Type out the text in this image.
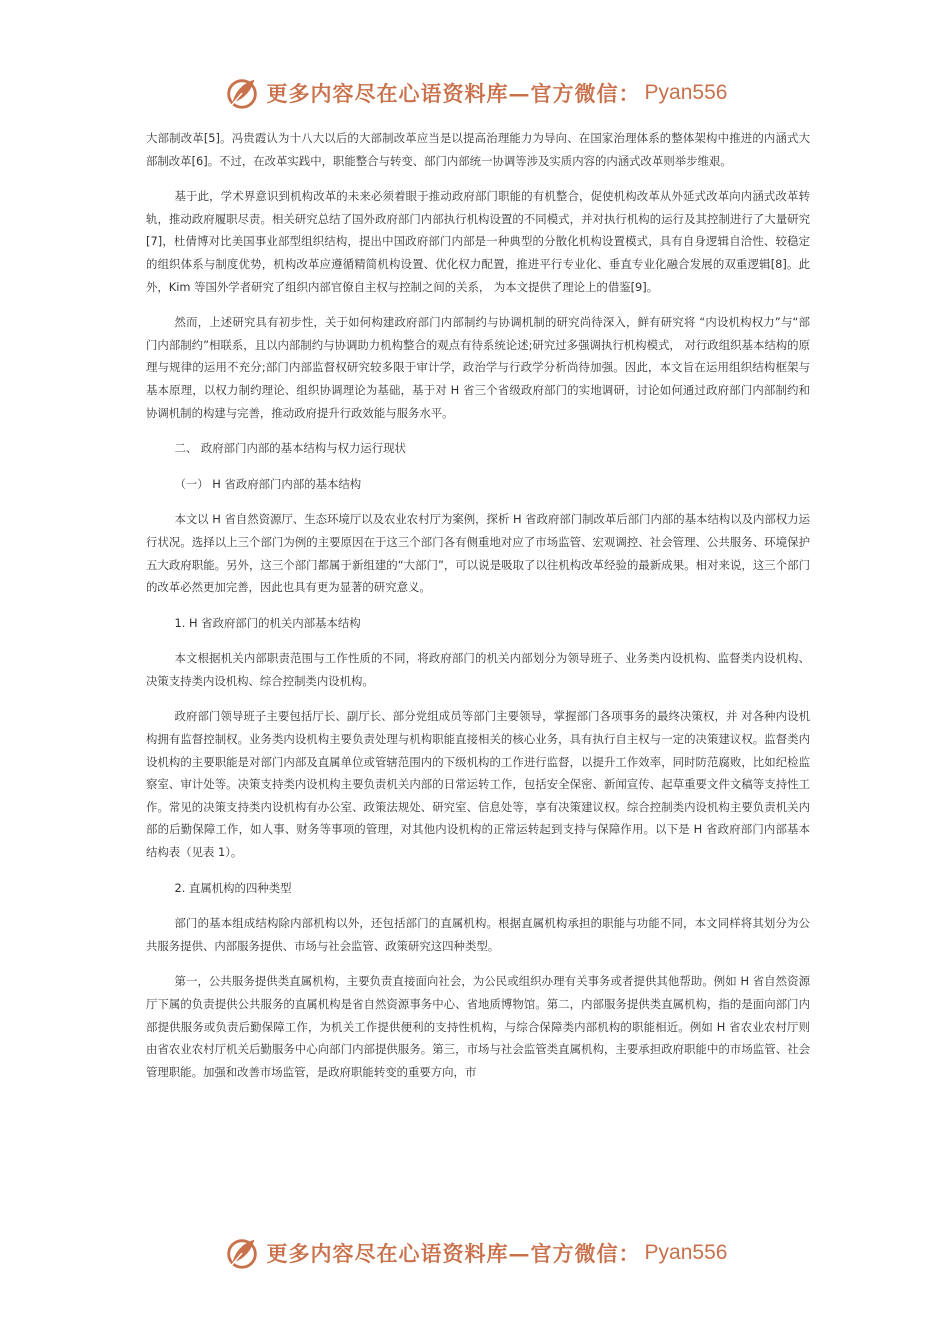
更多内容尽在心语资料库—官方微信： Pyan556

大部制改革[5]。冯贵霞认为十八大以后的大部制改革应当是以提高治理能力为导向、在国家治理体系的整体架构中推进的内涵式大部制改革[6]。不过，在改革实践中，职能整合与转变、部门内部统一协调等涉及实质内容的内涵式改革则举步维艰。

基于此，学术界意识到机构改革的未来必须着眼于推动政府部门职能的有机整合，促使机构改革从外延式改革向内涵式改革转轨，推动政府履职尽责。相关研究总结了国外政府部门内部执行机构设置的不同模式，并对执行机构的运行及其控制进行了大量研究[7]，杜倩博对比美国事业部型组织结构，提出中国政府部门内部是一种典型的分散化机构设置模式，具有自身逻辑自洽性、较稳定的组织体系与制度优势，机构改革应遵循精简机构设置、优化权力配置，推进平行专业化、垂直专业化融合发展的双重逻辑[8]。此外，Kim 等国外学者研究了组织内部官僚自主权与控制之间的关系， 为本文提供了理论上的借鉴[9]。

然而，上述研究具有初步性，关于如何构建政府部门内部制约与协调机制的研究尚待深入，鲜有研究将 “内设机构权力”与“部门内部制约”相联系，且以内部制约与协调助力机构整合的观点有待系统论述;研究过多强调执行机构模式， 对行政组织基本结构的原理与规律的运用不充分;部门内部监督权研究较多限于审计学，政治学与行政学分析尚待加强。因此，本文旨在运用组织结构框架与基本原理，以权力制约理论、组织协调理论为基础，基于对 H 省三个省级政府部门的实地调研，讨论如何通过政府部门内部制约和协调机制的构建与完善，推动政府提升行政效能与服务水平。

二、 政府部门内部的基本结构与权力运行现状
（一） H 省政府部门内部的基本结构

本文以 H 省自然资源厅、生态环境厅以及农业农村厅为案例，探析 H 省政府部门制改革后部门内部的基本结构以及内部权力运行状况。选择以上三个部门为例的主要原因在于这三个部门各有侧重地对应了市场监管、宏观调控、社会管理、公共服务、环境保护五大政府职能。另外，这三个部门都属于新组建的“大部门”，可以说是吸取了以往机构改革经验的最新成果。相对来说，这三个部门的改革必然更加完善，因此也具有更为显著的研究意义。

1. H 省政府部门的机关内部基本结构

本文根据机关内部职责范围与工作性质的不同，将政府部门的机关内部划分为领导班子、业务类内设机构、监督类内设机构、决策支持类内设机构、综合控制类内设机构。

政府部门领导班子主要包括厅长、副厅长、部分党组成员等部门主要领导，掌握部门各项事务的最终决策权，并 对各种内设机构拥有监督控制权。业务类内设机构主要负责处理与机构职能直接相关的核心业务，具有执行自主权与一定的决策建议权。监督类内设机构的主要职能是对部门内部及直属单位或管辖范围内的下级机构的工作进行监督，以提升工作效率，同时防范腐败，比如纪检监察室、审计处等。决策支持类内设机构主要负责机关内部的日常运转工作，包括安全保密、新闻宣传、起草重要文件文稿等支持性工作。常见的决策支持类内设机构有办公室、政策法规处、研究室、信息处等，享有决策建议权。综合控制类内设机构主要负责机关内部的后勤保障工作，如人事、财务等事项的管理，对其他内设机构的正常运转起到支持与保障作用。以下是 H 省政府部门内部基本结构表（见表 1）。

2. 直属机构的四种类型

部门的基本组成结构除内部机构以外，还包括部门的直属机构。根据直属机构承担的职能与功能不同，本文同样将其划分为公共服务提供、内部服务提供、市场与社会监管、政策研究这四种类型。

第一，公共服务提供类直属机构，主要负责直接面向社会，为公民或组织办理有关事务或者提供其他帮助。例如 H 省自然资源厅下属的负责提供公共服务的直属机构是省自然资源事务中心、省地质博物馆。第二，内部服务提供类直属机构，指的是面向部门内部提供服务或负责后勤保障工作，为机关工作提供便利的支持性机构，与综合保障类内部机构的职能相近。例如 H 省农业农村厅则由省农业农村厅机关后勤服务中心向部门内部提供服务。第三，市场与社会监管类直属机构，主要承担政府职能中的市场监管、社会管理职能。加强和改善市场监管，是政府职能转变的重要方向，市

更多内容尽在心语资料库—官方微信： Pyan556
